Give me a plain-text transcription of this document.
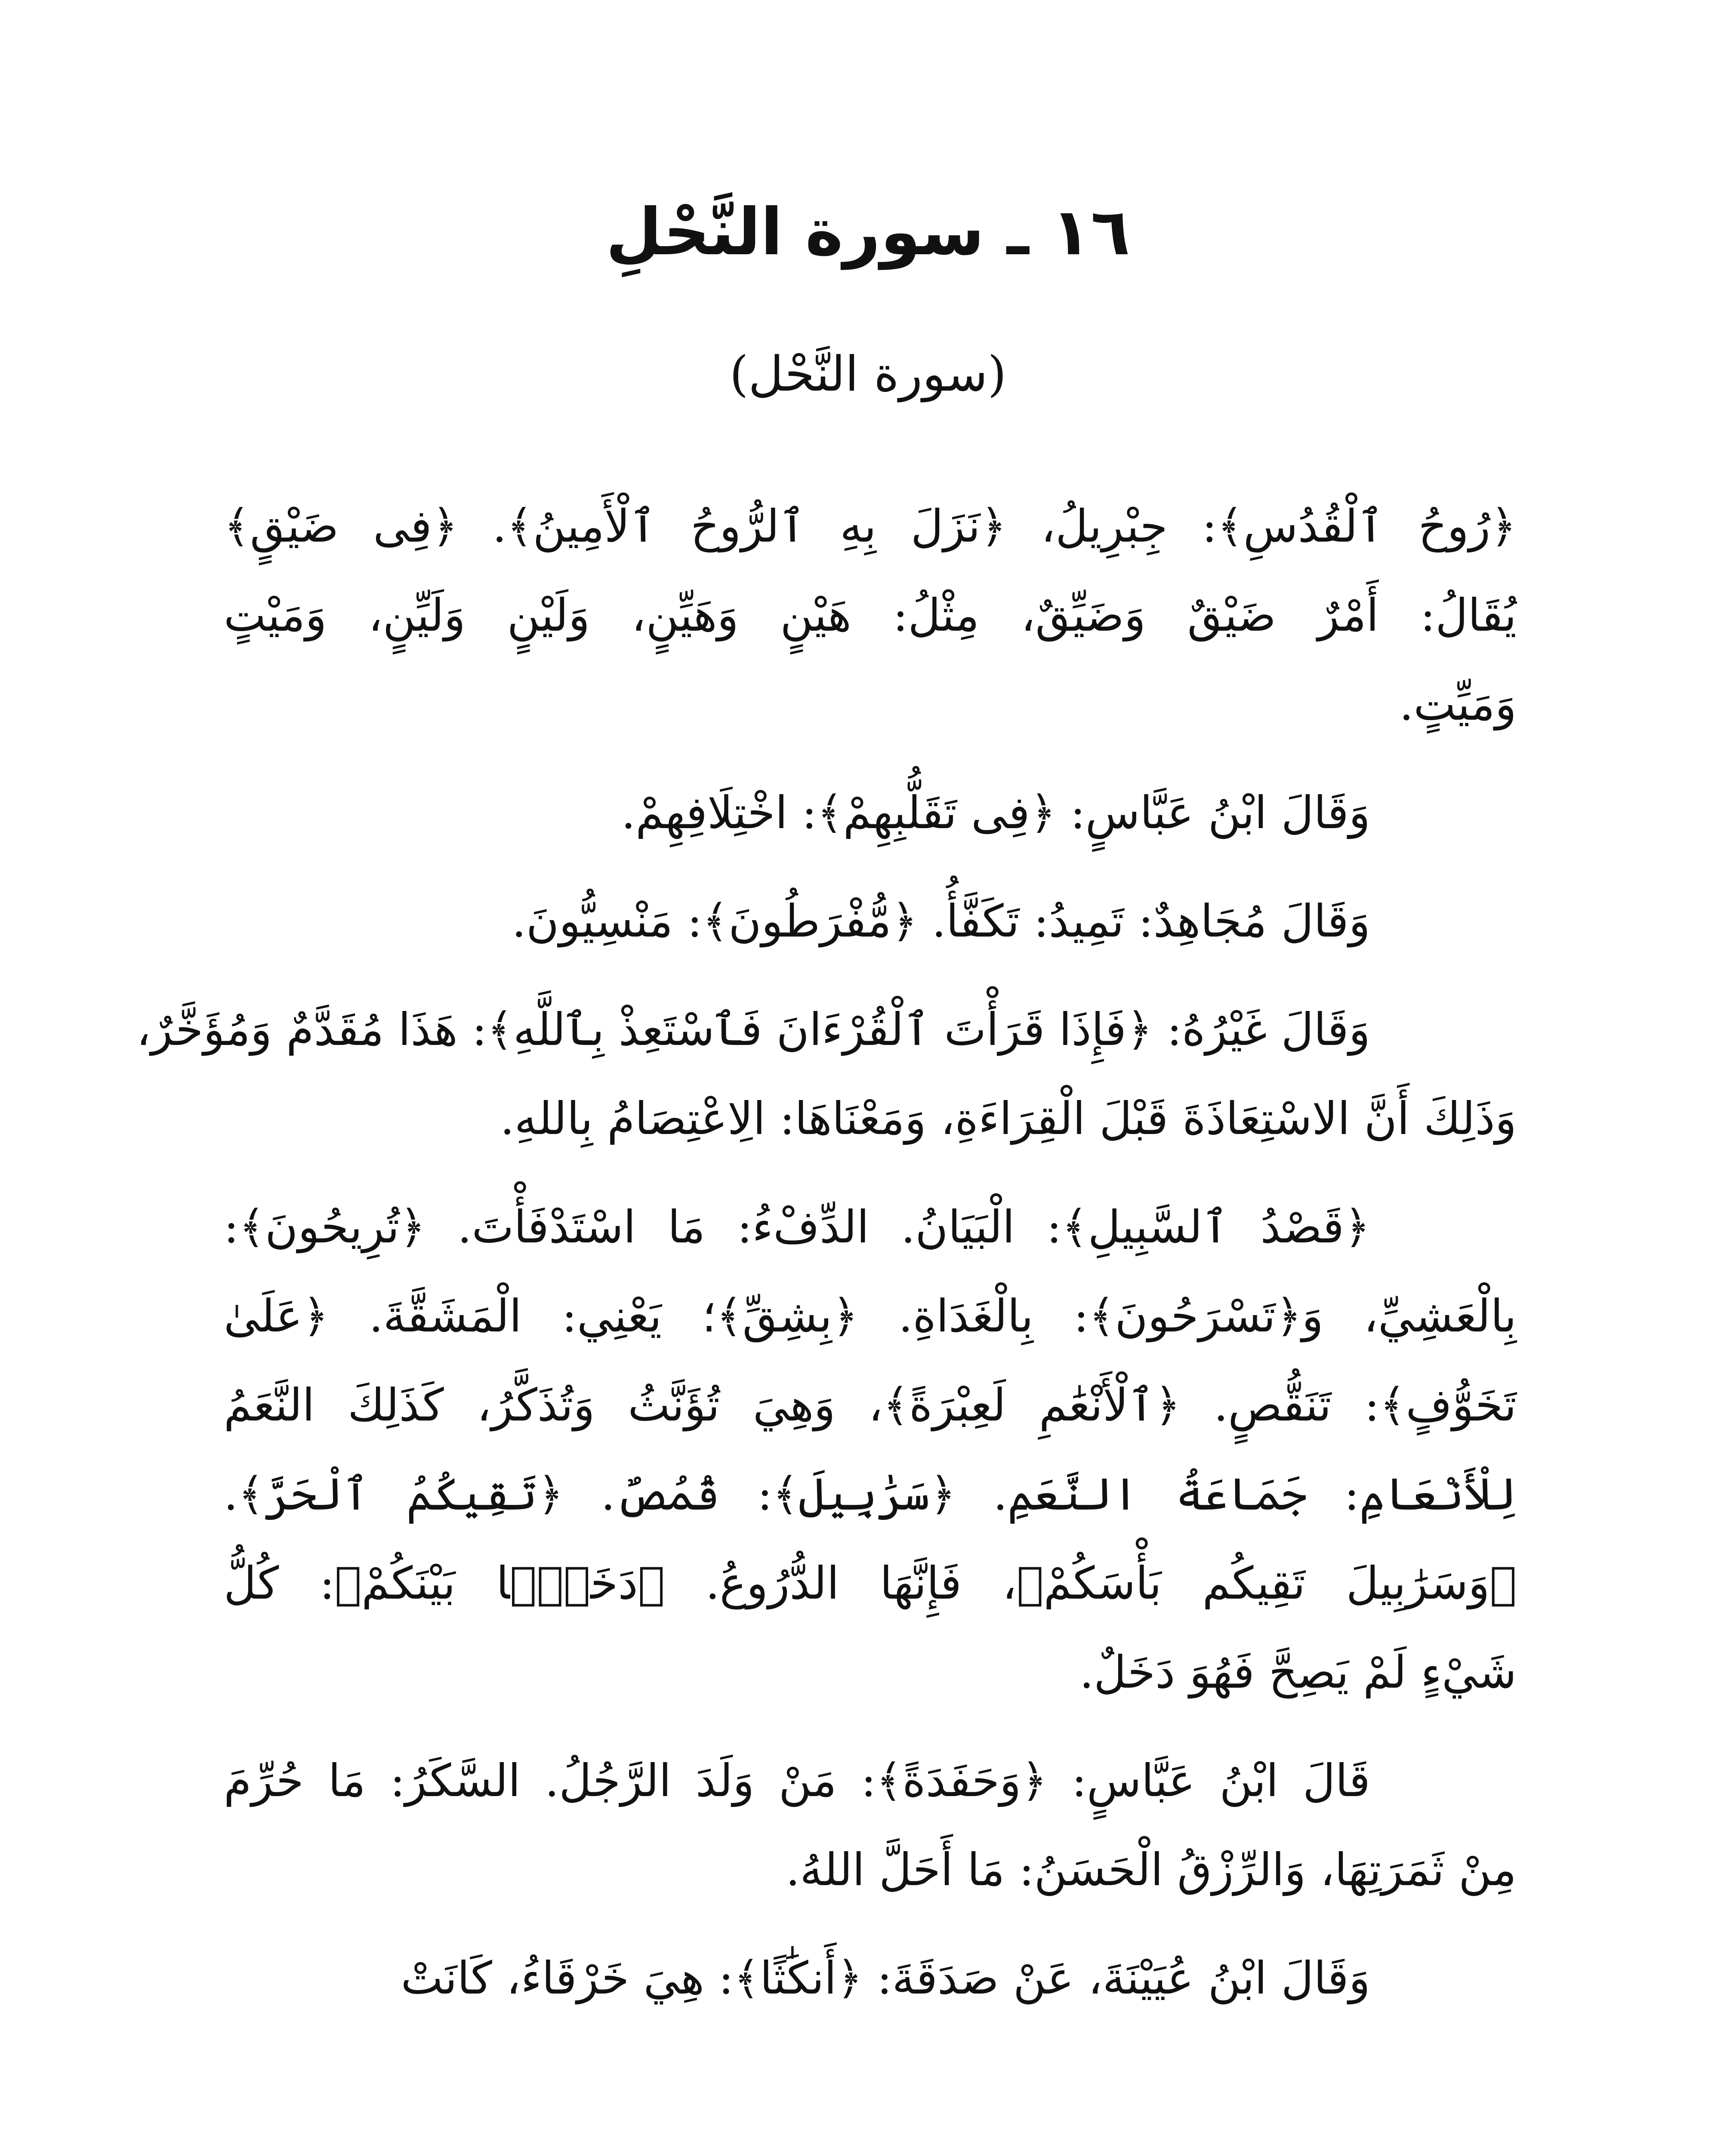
١٦ ـ سورة النَّحْلِ

(سورة النَّحْل)

﴿رُوحُ ٱلْقُدُسِ﴾: جِبْرِيلُ، ﴿نَزَلَ بِهِ ٱلرُّوحُ ٱلْأَمِينُ﴾. ﴿فِى ضَيْقٍ﴾
يُقَالُ: أَمْرٌ ضَيْقٌ وَضَيِّقٌ، مِثْلُ: هَيْنٍ وَهَيِّنٍ، وَلَيْنٍ وَلَيِّنٍ، وَمَيْتٍ
وَمَيِّتٍ.

وَقَالَ ابْنُ عَبَّاسٍ: ﴿فِى تَقَلُّبِهِمْ﴾: اخْتِلَافِهِمْ.

وَقَالَ مُجَاهِدٌ: تَمِيدُ: تَكَفَّأُ. ﴿مُّفْرَطُونَ﴾: مَنْسِيُّونَ.

وَقَالَ غَيْرُهُ: ﴿فَإِذَا قَرَأْتَ ٱلْقُرْءَانَ فَٱسْتَعِذْ بِٱللَّهِ﴾: هَذَا مُقَدَّمٌ وَمُؤَخَّرٌ،
وَذَلِكَ أَنَّ الاسْتِعَاذَةَ قَبْلَ الْقِرَاءَةِ، وَمَعْنَاهَا: الِاعْتِصَامُ بِاللهِ.

﴿قَصْدُ ٱلسَّبِيلِ﴾: الْبَيَانُ. الدِّفْءُ: مَا اسْتَدْفَأْتَ. ﴿تُرِيحُونَ﴾:
بِالْعَشِيِّ، وَ﴿تَسْرَحُونَ﴾: بِالْغَدَاةِ. ﴿بِشِقِّ﴾؛ يَعْنِي: الْمَشَقَّةَ. ﴿عَلَىٰ
تَخَوُّفٍ﴾: تَنَقُّصٍ. ﴿ٱلْأَنْعَٰمِ لَعِبْرَةً﴾، وَهِيَ تُؤَنَّثُ وَتُذَكَّرُ، كَذَلِكَ النَّعَمُ
لِلْأَنْعَامِ: جَمَاعَةُ النَّعَمِ. ﴿سَرَٰبِيلَ﴾: قُمُصٌ. ﴿تَقِيكُمُ ٱلْحَرَّ﴾.
﴿وَسَرَٰبِيلَ تَقِيكُم بَأْسَكُمْ﴾، فَإِنَّهَا الدُّرُوعُ. ﴿دَخَلًۢا بَيْنَكُمْ﴾: كُلُّ
شَيْءٍ لَمْ يَصِحَّ فَهُوَ دَخَلٌ.

قَالَ ابْنُ عَبَّاسٍ: ﴿وَحَفَدَةً﴾: مَنْ وَلَدَ الرَّجُلُ. السَّكَرُ: مَا حُرِّمَ
مِنْ ثَمَرَتِهَا، وَالرِّزْقُ الْحَسَنُ: مَا أَحَلَّ اللهُ.

وَقَالَ ابْنُ عُيَيْنَةَ، عَنْ صَدَقَةَ: ﴿أَنكَٰثًا﴾: هِيَ خَرْقَاءُ، كَانَتْ
